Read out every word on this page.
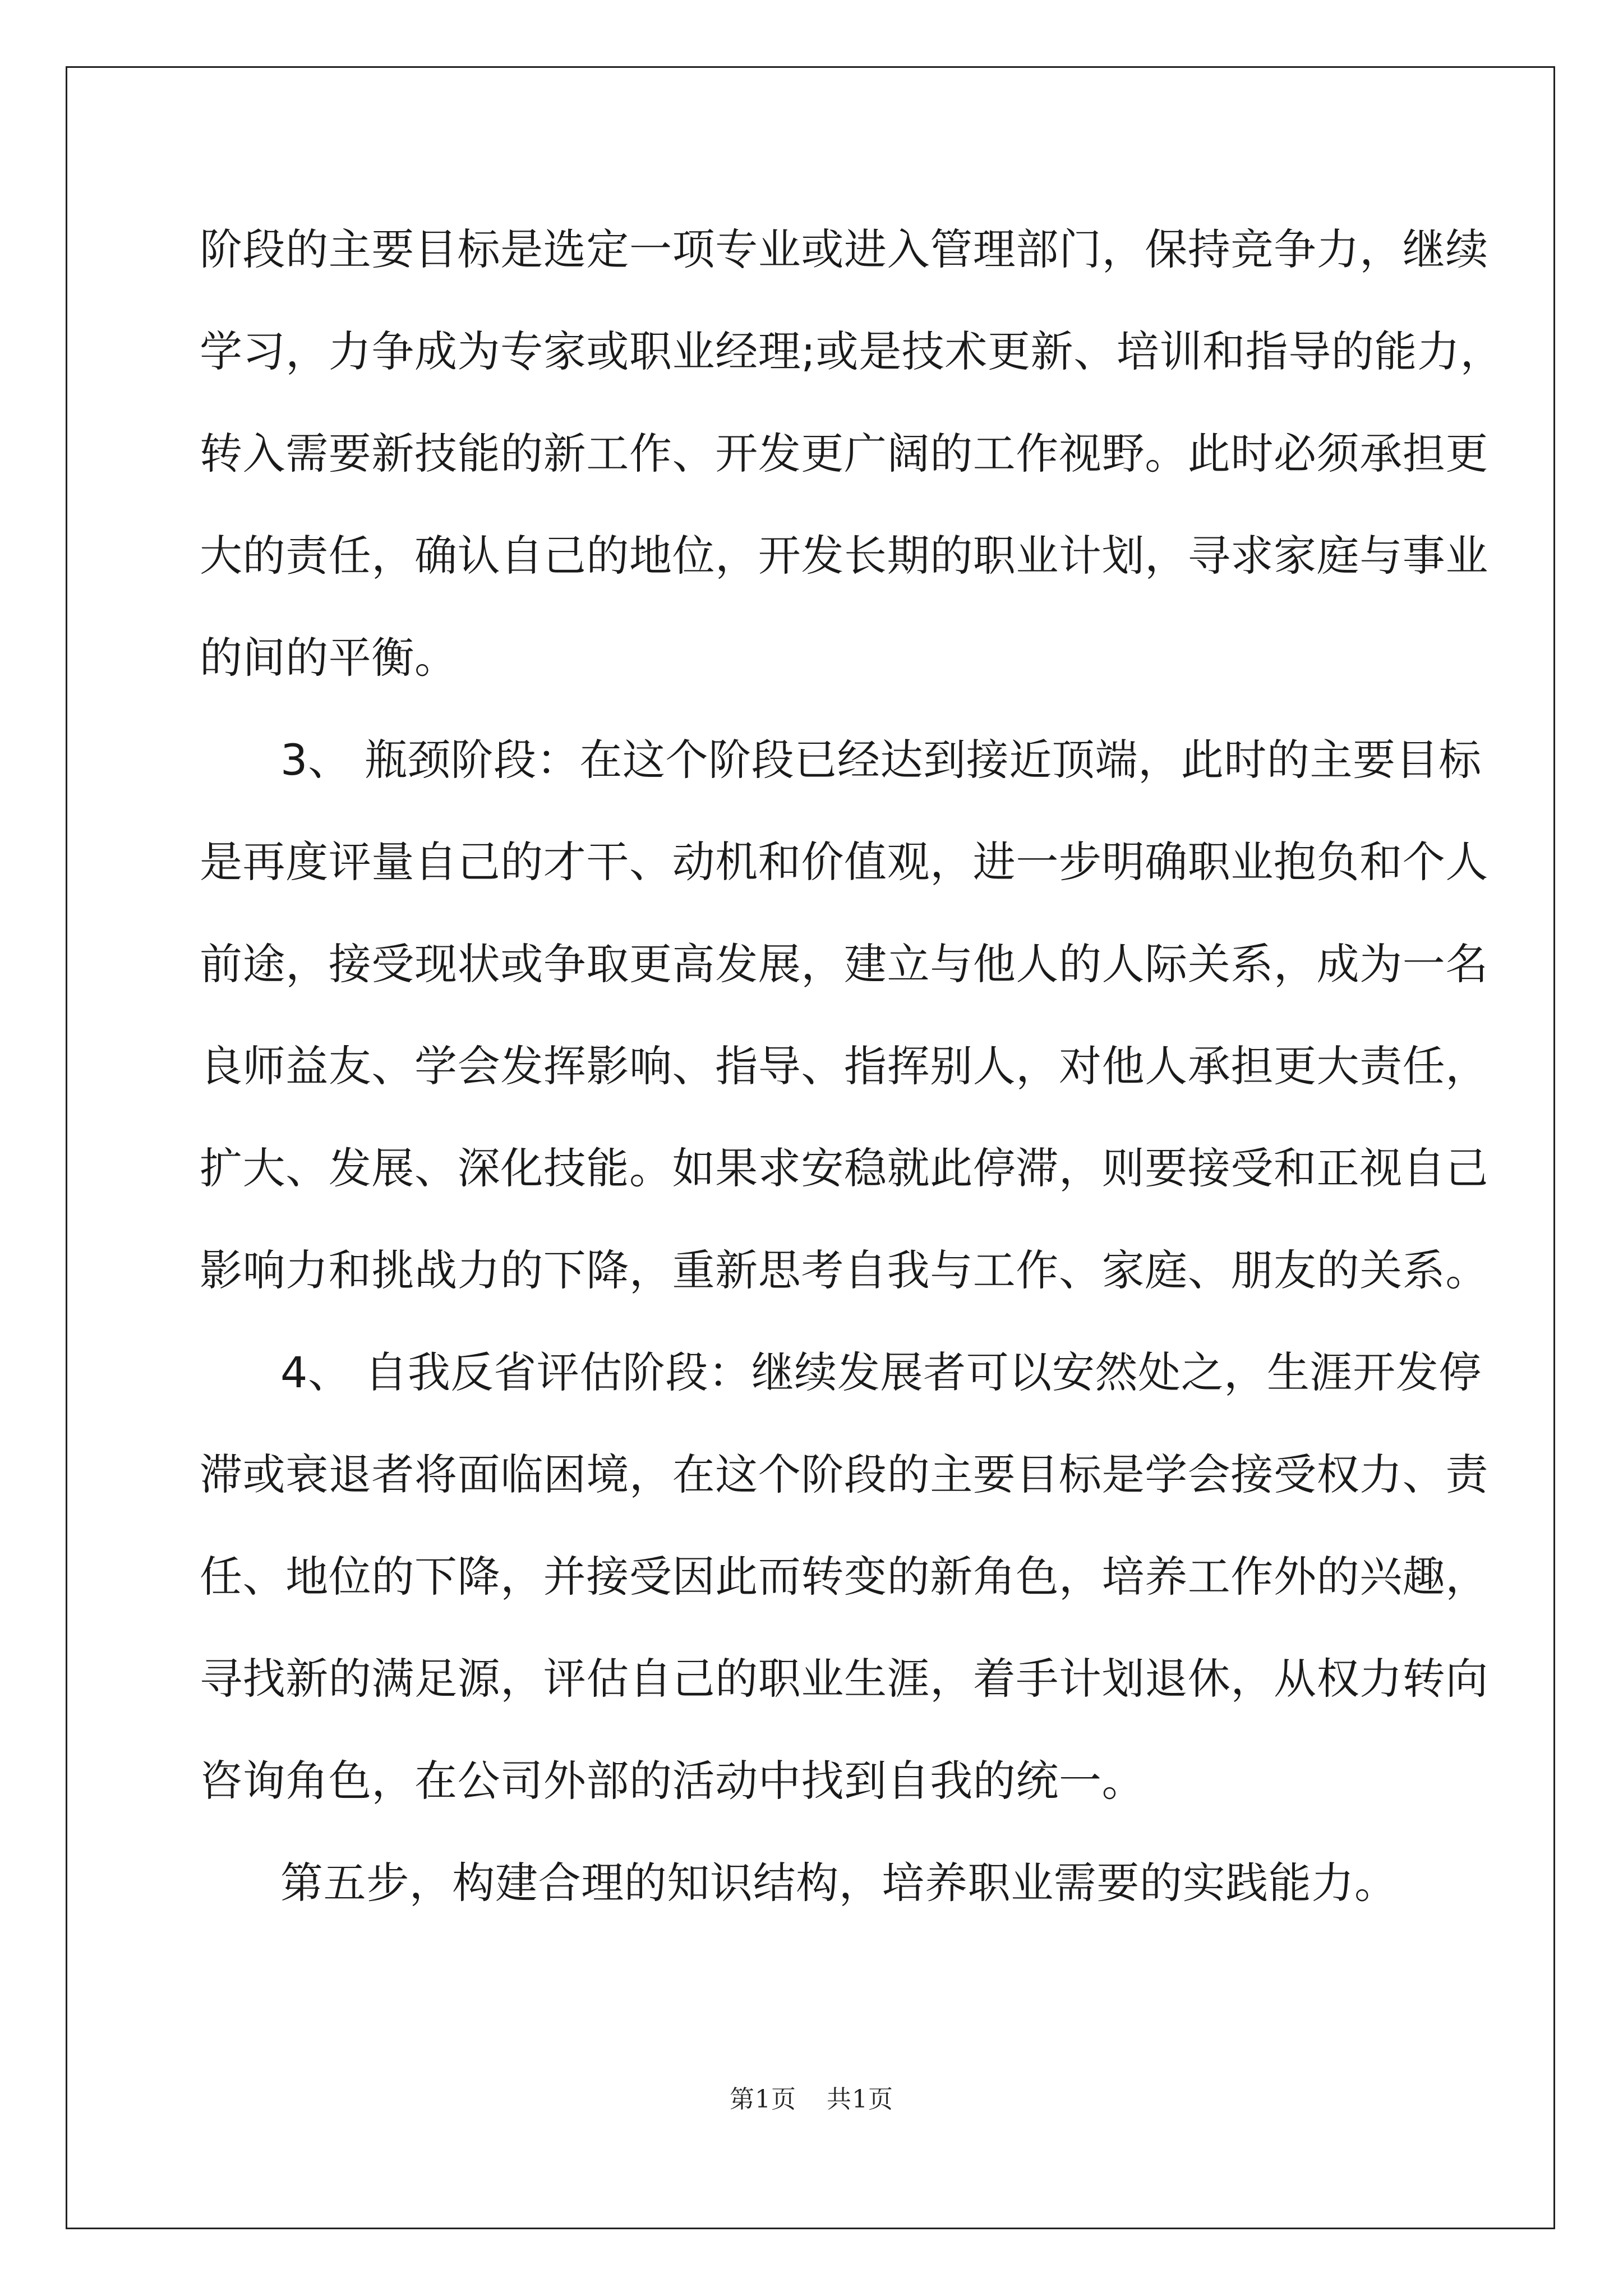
阶段的主要目标是选定一项专业或进入管理部门，保持竞争力，继续
学习，力争成为专家或职业经理;或是技术更新、培训和指导的能力，
转入需要新技能的新工作、开发更广阔的工作视野。此时必须承担更
大的责任，确认自己的地位，开发长期的职业计划，寻求家庭与事业
的间的平衡。
3、 瓶颈阶段：在这个阶段已经达到接近顶端，此时的主要目标
是再度评量自己的才干、动机和价值观，进一步明确职业抱负和个人
前途，接受现状或争取更高发展，建立与他人的人际关系，成为一名
良师益友、学会发挥影响、指导、指挥别人，对他人承担更大责任，
扩大、发展、深化技能。如果求安稳就此停滞，则要接受和正视自己
影响力和挑战力的下降，重新思考自我与工作、家庭、朋友的关系。
4、 自我反省评估阶段：继续发展者可以安然处之，生涯开发停
滞或衰退者将面临困境，在这个阶段的主要目标是学会接受权力、责
任、地位的下降，并接受因此而转变的新角色，培养工作外的兴趣，
寻找新的满足源，评估自己的职业生涯，着手计划退休，从权力转向
咨询角色，在公司外部的活动中找到自我的统一。
第五步，构建合理的知识结构，培养职业需要的实践能力。
第1页 共1页
